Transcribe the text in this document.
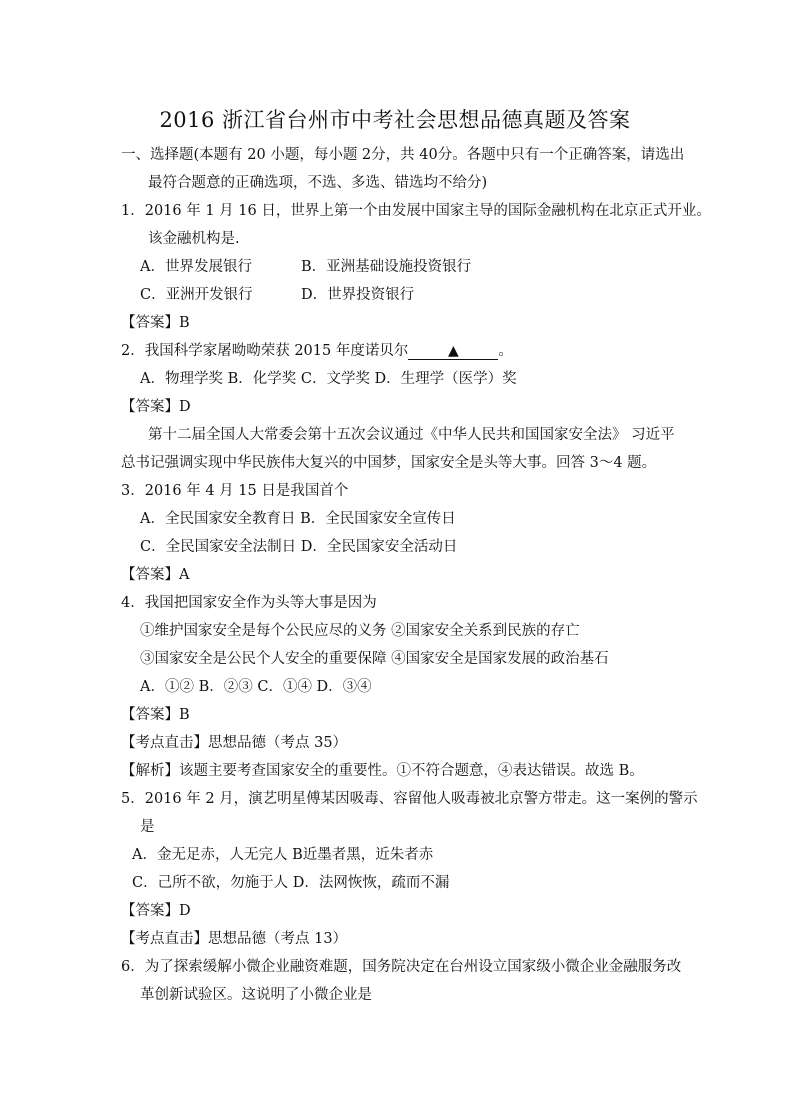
2016 浙江省台州市中考社会思想品德真题及答案
一、选择题(本题有 20 小题，每小题 2分，共 40分。各题中只有一个正确答案，请选出
最符合题意的正确选项，不选、多选、错选均不给分)
1．2016 年 1 月 16 日，世界上第一个由发展中国家主导的国际金融机构在北京正式开业。
该金融机构是.
A．世界发展银行	B．亚洲基础设施投资银行
C．亚洲开发银行	D．世界投资银行
【答案】B
2．我国科学家屠呦呦荣获 2015 年度诺贝尔	▲	。
A．物理学奖 B．化学奖 C．文学奖 D．生理学（医学）奖
【答案】D
第十二届全国人大常委会第十五次会议通过《中华人民共和国国家安全法》 习近平
总书记强调实现中华民族伟大复兴的中国梦，国家安全是头等大事。回答 3～4 题。
3．2016 年 4 月 15 日是我国首个
A．全民国家安全教育日 B．全民国家安全宣传日
C．全民国家安全法制日 D．全民国家安全活动日
【答案】A
4．我国把国家安全作为头等大事是因为
①维护国家安全是每个公民应尽的义务 ②国家安全关系到民族的存亡
③国家安全是公民个人安全的重要保障 ④国家安全是国家发展的政治基石
A．①② B．②③ C．①④ D．③④
【答案】B
【考点直击】思想品德（考点 35）
【解析】该题主要考查国家安全的重要性。①不符合题意，④表达错误。故选 B。
5．2016 年 2 月，演艺明星傅某因吸毒、容留他人吸毒被北京警方带走。这一案例的警示
是
A．金无足赤，人无完人 B近墨者黑，近朱者赤
C．己所不欲，勿施于人 D．法网恢恢，疏而不漏
【答案】D
【考点直击】思想品德（考点 13）
6．为了探索缓解小微企业融资难题，国务院决定在台州设立国家级小微企业金融服务改
革创新试验区。这说明了小微企业是
